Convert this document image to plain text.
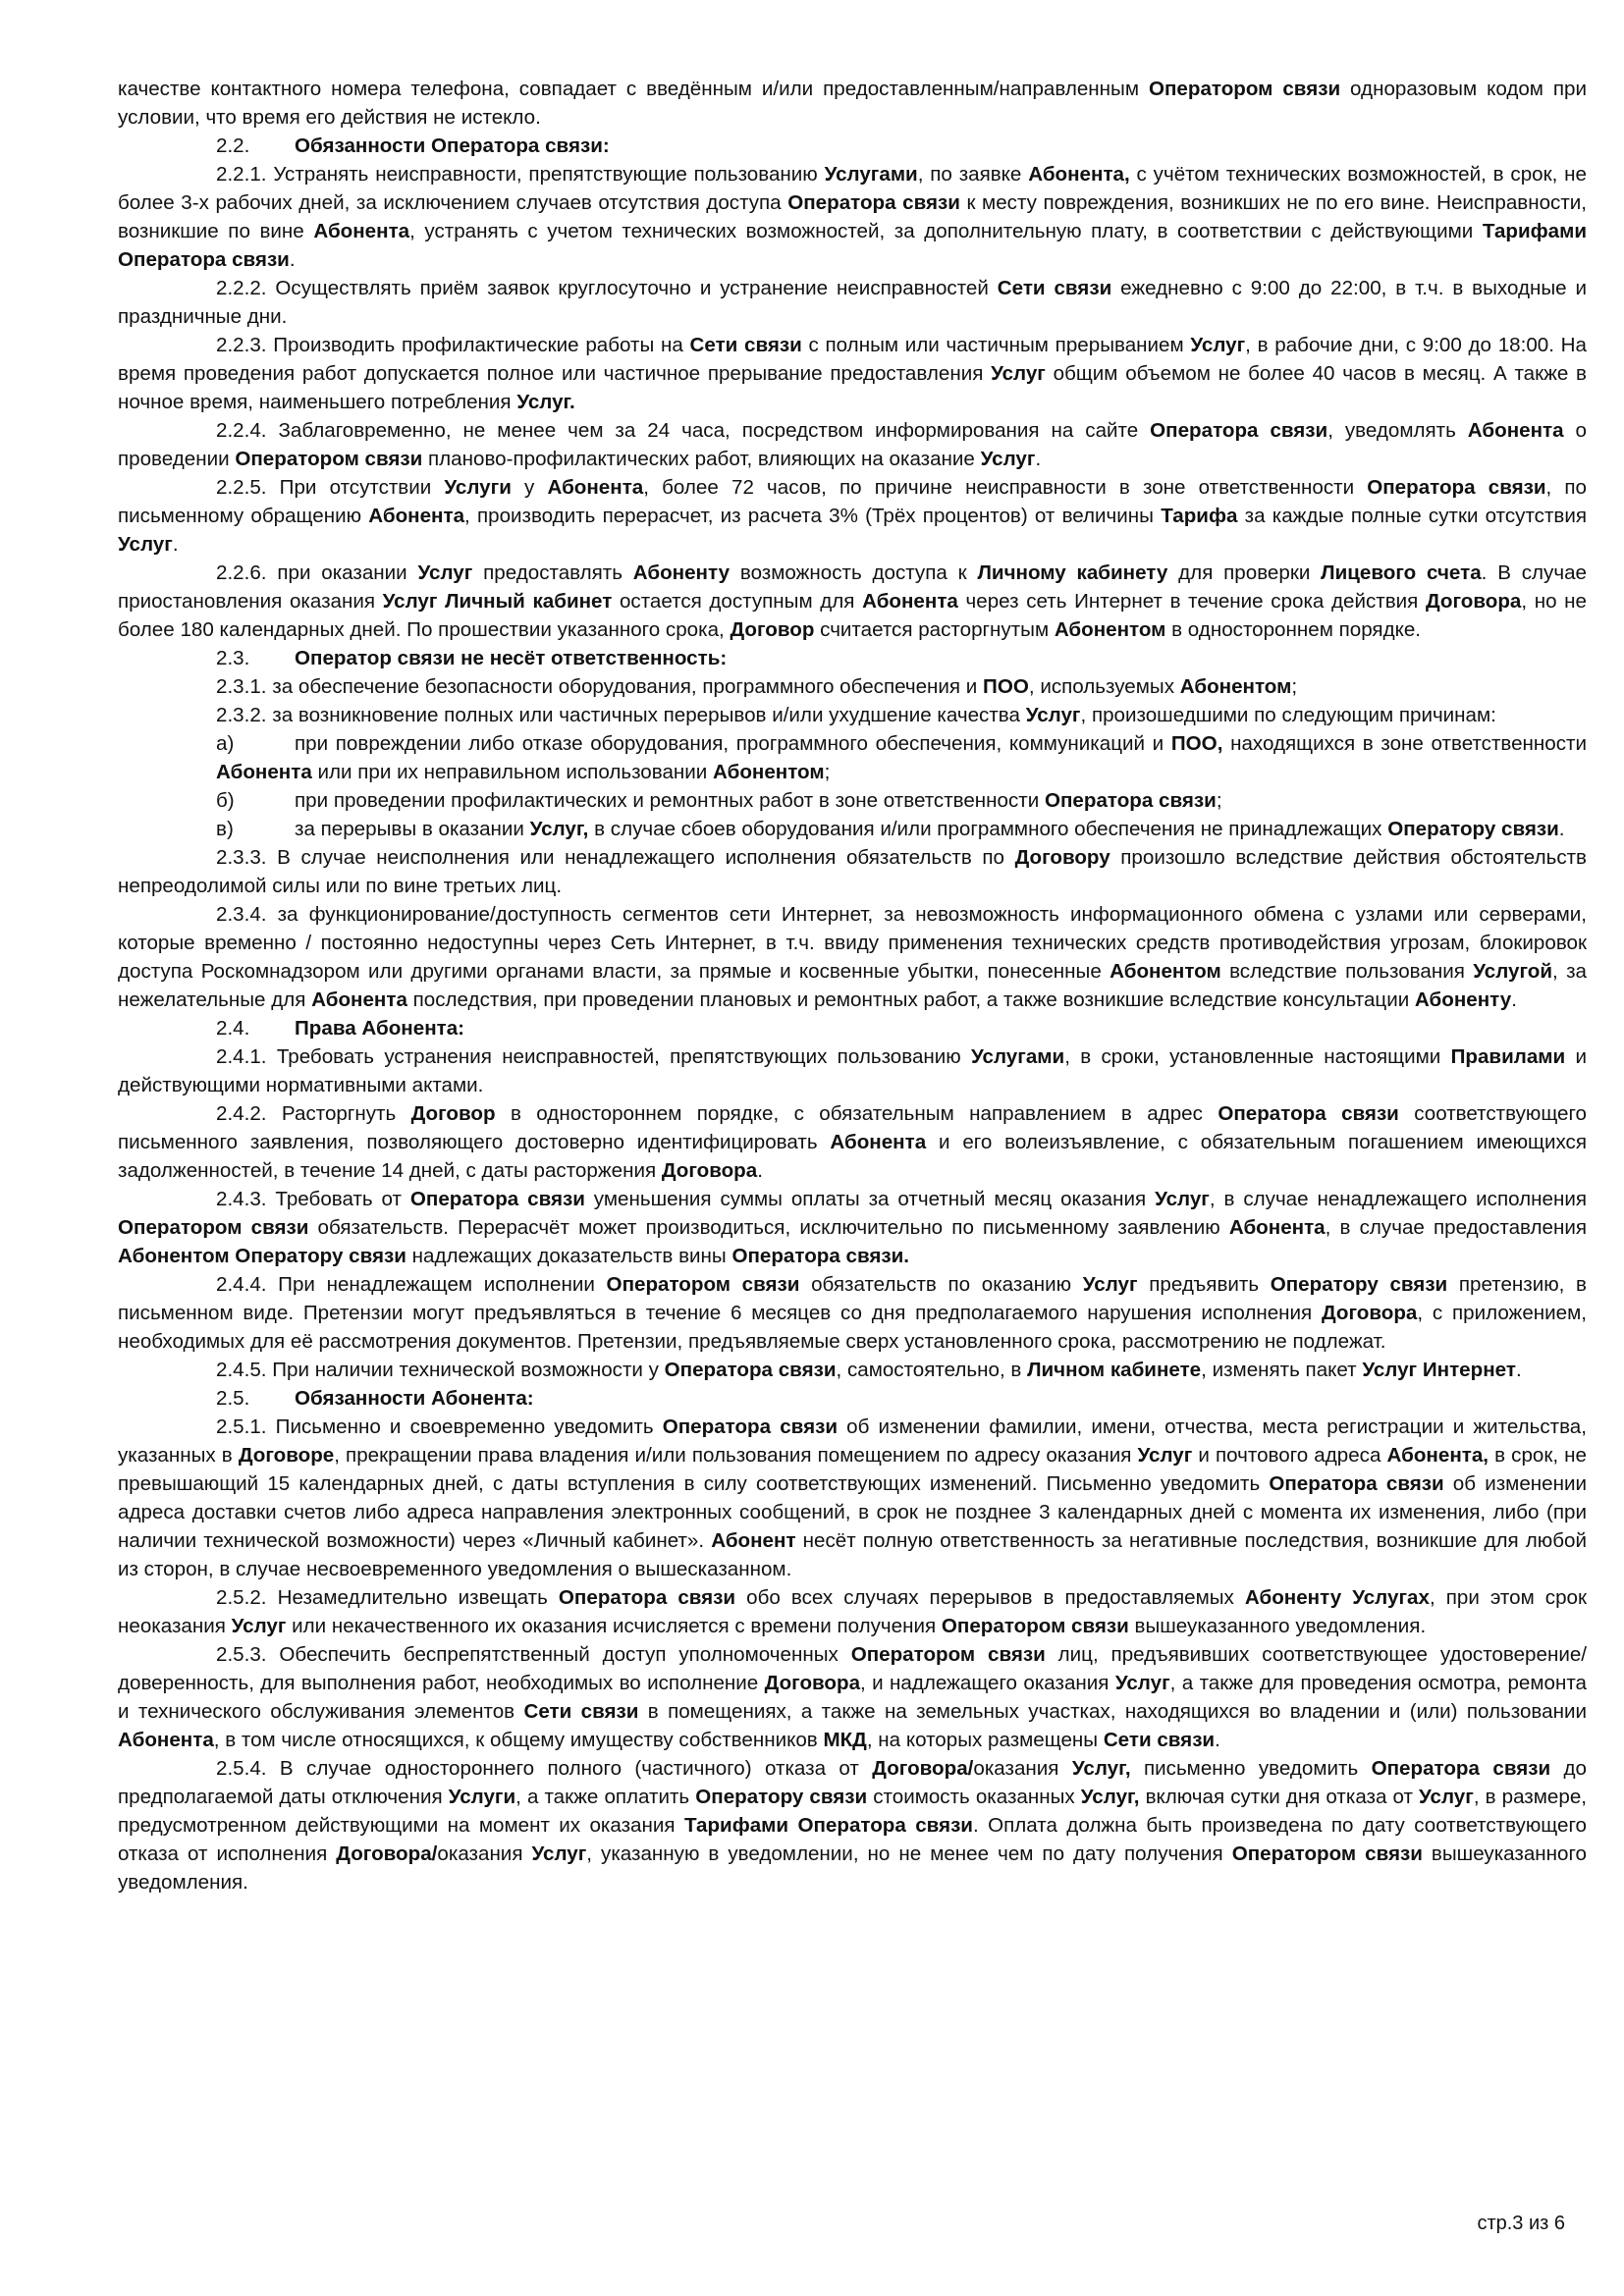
качестве контактного номера телефона, совпадает с введённым и/или предоставленным/направленным Оператором связи одноразовым кодом при условии, что время его действия не истекло.

2.2. Обязанности Оператора связи:

2.2.1. Устранять неисправности, препятствующие пользованию Услугами, по заявке Абонента, с учётом технических возможностей, в срок, не более 3-х рабочих дней, за исключением случаев отсутствия доступа Оператора связи к месту повреждения, возникших не по его вине. Неисправности, возникшие по вине Абонента, устранять с учетом технических возможностей, за дополнительную плату, в соответствии с действующими Тарифами Оператора связи.

2.2.2. Осуществлять приём заявок круглосуточно и устранение неисправностей Сети связи ежедневно с 9:00 до 22:00, в т.ч. в выходные и праздничные дни.

2.2.3. Производить профилактические работы на Сети связи с полным или частичным прерыванием Услуг, в рабочие дни, с 9:00 до 18:00. На время проведения работ допускается полное или частичное прерывание предоставления Услуг общим объемом не более 40 часов в месяц. А также в ночное время, наименьшего потребления Услуг.

2.2.4. Заблаговременно, не менее чем за 24 часа, посредством информирования на сайте Оператора связи, уведомлять Абонента о проведении Оператором связи планово-профилактических работ, влияющих на оказание Услуг.

2.2.5. При отсутствии Услуги у Абонента, более 72 часов, по причине неисправности в зоне ответственности Оператора связи, по письменному обращению Абонента, производить перерасчет, из расчета 3% (Трёх процентов) от величины Тарифа за каждые полные сутки отсутствия Услуг.

2.2.6. при оказании Услуг предоставлять Абоненту возможность доступа к Личному кабинету для проверки Лицевого счета. В случае приостановления оказания Услуг Личный кабинет остается доступным для Абонента через сеть Интернет в течение срока действия Договора, но не более 180 календарных дней. По прошествии указанного срока, Договор считается расторгнутым Абонентом в одностороннем порядке.

2.3. Оператор связи не несёт ответственность:

2.3.1. за обеспечение безопасности оборудования, программного обеспечения и ПОО, используемых Абонентом;

2.3.2. за возникновение полных или частичных перерывов и/или ухудшение качества Услуг, произошедшими по следующим причинам:

а)	при повреждении либо отказе оборудования, программного обеспечения, коммуникаций и ПОО, находящихся в зоне ответственности Абонента или при их неправильном использовании Абонентом;

б)	при проведении профилактических и ремонтных работ в зоне ответственности Оператора связи;

в)	за перерывы в оказании Услуг, в случае сбоев оборудования и/или программного обеспечения не принадлежащих Оператору связи.

2.3.3. В случае неисполнения или ненадлежащего исполнения обязательств по Договору произошло вследствие действия обстоятельств непреодолимой силы или по вине третьих лиц.

2.3.4. за функционирование/доступность сегментов сети Интернет, за невозможность информационного обмена с узлами или серверами, которые временно / постоянно недоступны через Сеть Интернет, в т.ч. ввиду применения технических средств противодействия угрозам, блокировок доступа Роскомнадзором или другими органами власти, за прямые и косвенные убытки, понесенные Абонентом вследствие пользования Услугой, за нежелательные для Абонента последствия, при проведении плановых и ремонтных работ, а также возникшие вследствие консультации Абоненту.

2.4. Права Абонента:

2.4.1. Требовать устранения неисправностей, препятствующих пользованию Услугами, в сроки, установленные настоящими Правилами и действующими нормативными актами.

2.4.2. Расторгнуть Договор в одностороннем порядке, с обязательным направлением в адрес Оператора связи соответствующего письменного заявления, позволяющего достоверно идентифицировать Абонента и его волеизъявление, с обязательным погашением имеющихся задолженностей, в течение 14 дней, с даты расторжения Договора.

2.4.3. Требовать от Оператора связи уменьшения суммы оплаты за отчетный месяц оказания Услуг, в случае ненадлежащего исполнения Оператором связи обязательств. Перерасчёт может производиться, исключительно по письменному заявлению Абонента, в случае предоставления Абонентом Оператору связи надлежащих доказательств вины Оператора связи.

2.4.4. При ненадлежащем исполнении Оператором связи обязательств по оказанию Услуг предъявить Оператору связи претензию, в письменном виде. Претензии могут предъявляться в течение 6 месяцев со дня предполагаемого нарушения исполнения Договора, с приложением, необходимых для её рассмотрения документов. Претензии, предъявляемые сверх установленного срока, рассмотрению не подлежат.

2.4.5. При наличии технической возможности у Оператора связи, самостоятельно, в Личном кабинете, изменять пакет Услуг Интернет.

2.5. Обязанности Абонента:

2.5.1. Письменно и своевременно уведомить Оператора связи об изменении фамилии, имени, отчества, места регистрации и жительства, указанных в Договоре, прекращении права владения и/или пользования помещением по адресу оказания Услуг и почтового адреса Абонента, в срок, не превышающий 15 календарных дней, с даты вступления в силу соответствующих изменений. Письменно уведомить Оператора связи об изменении адреса доставки счетов либо адреса направления электронных сообщений, в срок не позднее 3 календарных дней с момента их изменения, либо (при наличии технической возможности) через «Личный кабинет». Абонент несёт полную ответственность за негативные последствия, возникшие для любой из сторон, в случае несвоевременного уведомления о вышесказанном.

2.5.2. Незамедлительно извещать Оператора связи обо всех случаях перерывов в предоставляемых Абоненту Услугах, при этом срок неоказания Услуг или некачественного их оказания исчисляется с времени получения Оператором связи вышеуказанного уведомления.

2.5.3. Обеспечить беспрепятственный доступ уполномоченных Оператором связи лиц, предъявивших соответствующее удостоверение/ доверенность, для выполнения работ, необходимых во исполнение Договора, и надлежащего оказания Услуг, а также для проведения осмотра, ремонта и технического обслуживания элементов Сети связи в помещениях, а также на земельных участках, находящихся во владении и (или) пользовании Абонента, в том числе относящихся, к общему имуществу собственников МКД, на которых размещены Сети связи.

2.5.4. В случае одностороннего полного (частичного) отказа от Договора/оказания Услуг, письменно уведомить Оператора связи до предполагаемой даты отключения Услуги, а также оплатить Оператору связи стоимость оказанных Услуг, включая сутки дня отказа от Услуг, в размере, предусмотренном действующими на момент их оказания Тарифами Оператора связи. Оплата должна быть произведена по дату соответствующего отказа от исполнения Договора/оказания Услуг, указанную в уведомлении, но не менее чем по дату получения Оператором связи вышеуказанного уведомления.

стр.3 из 6
